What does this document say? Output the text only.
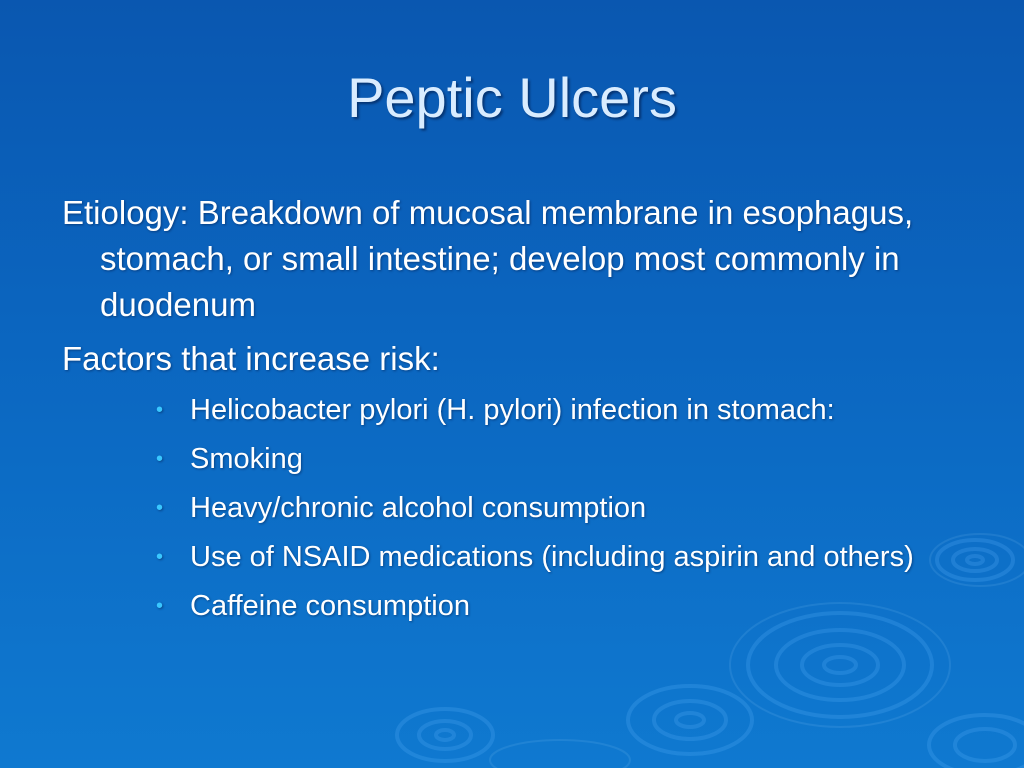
Peptic Ulcers

Etiology: Breakdown of mucosal membrane in esophagus, stomach, or small intestine; develop most commonly in duodenum

Factors that increase risk:

• Helicobacter pylori (H. pylori) infection in stomach:
• Smoking
• Heavy/chronic alcohol consumption
• Use of NSAID medications (including aspirin and others)
• Caffeine consumption
